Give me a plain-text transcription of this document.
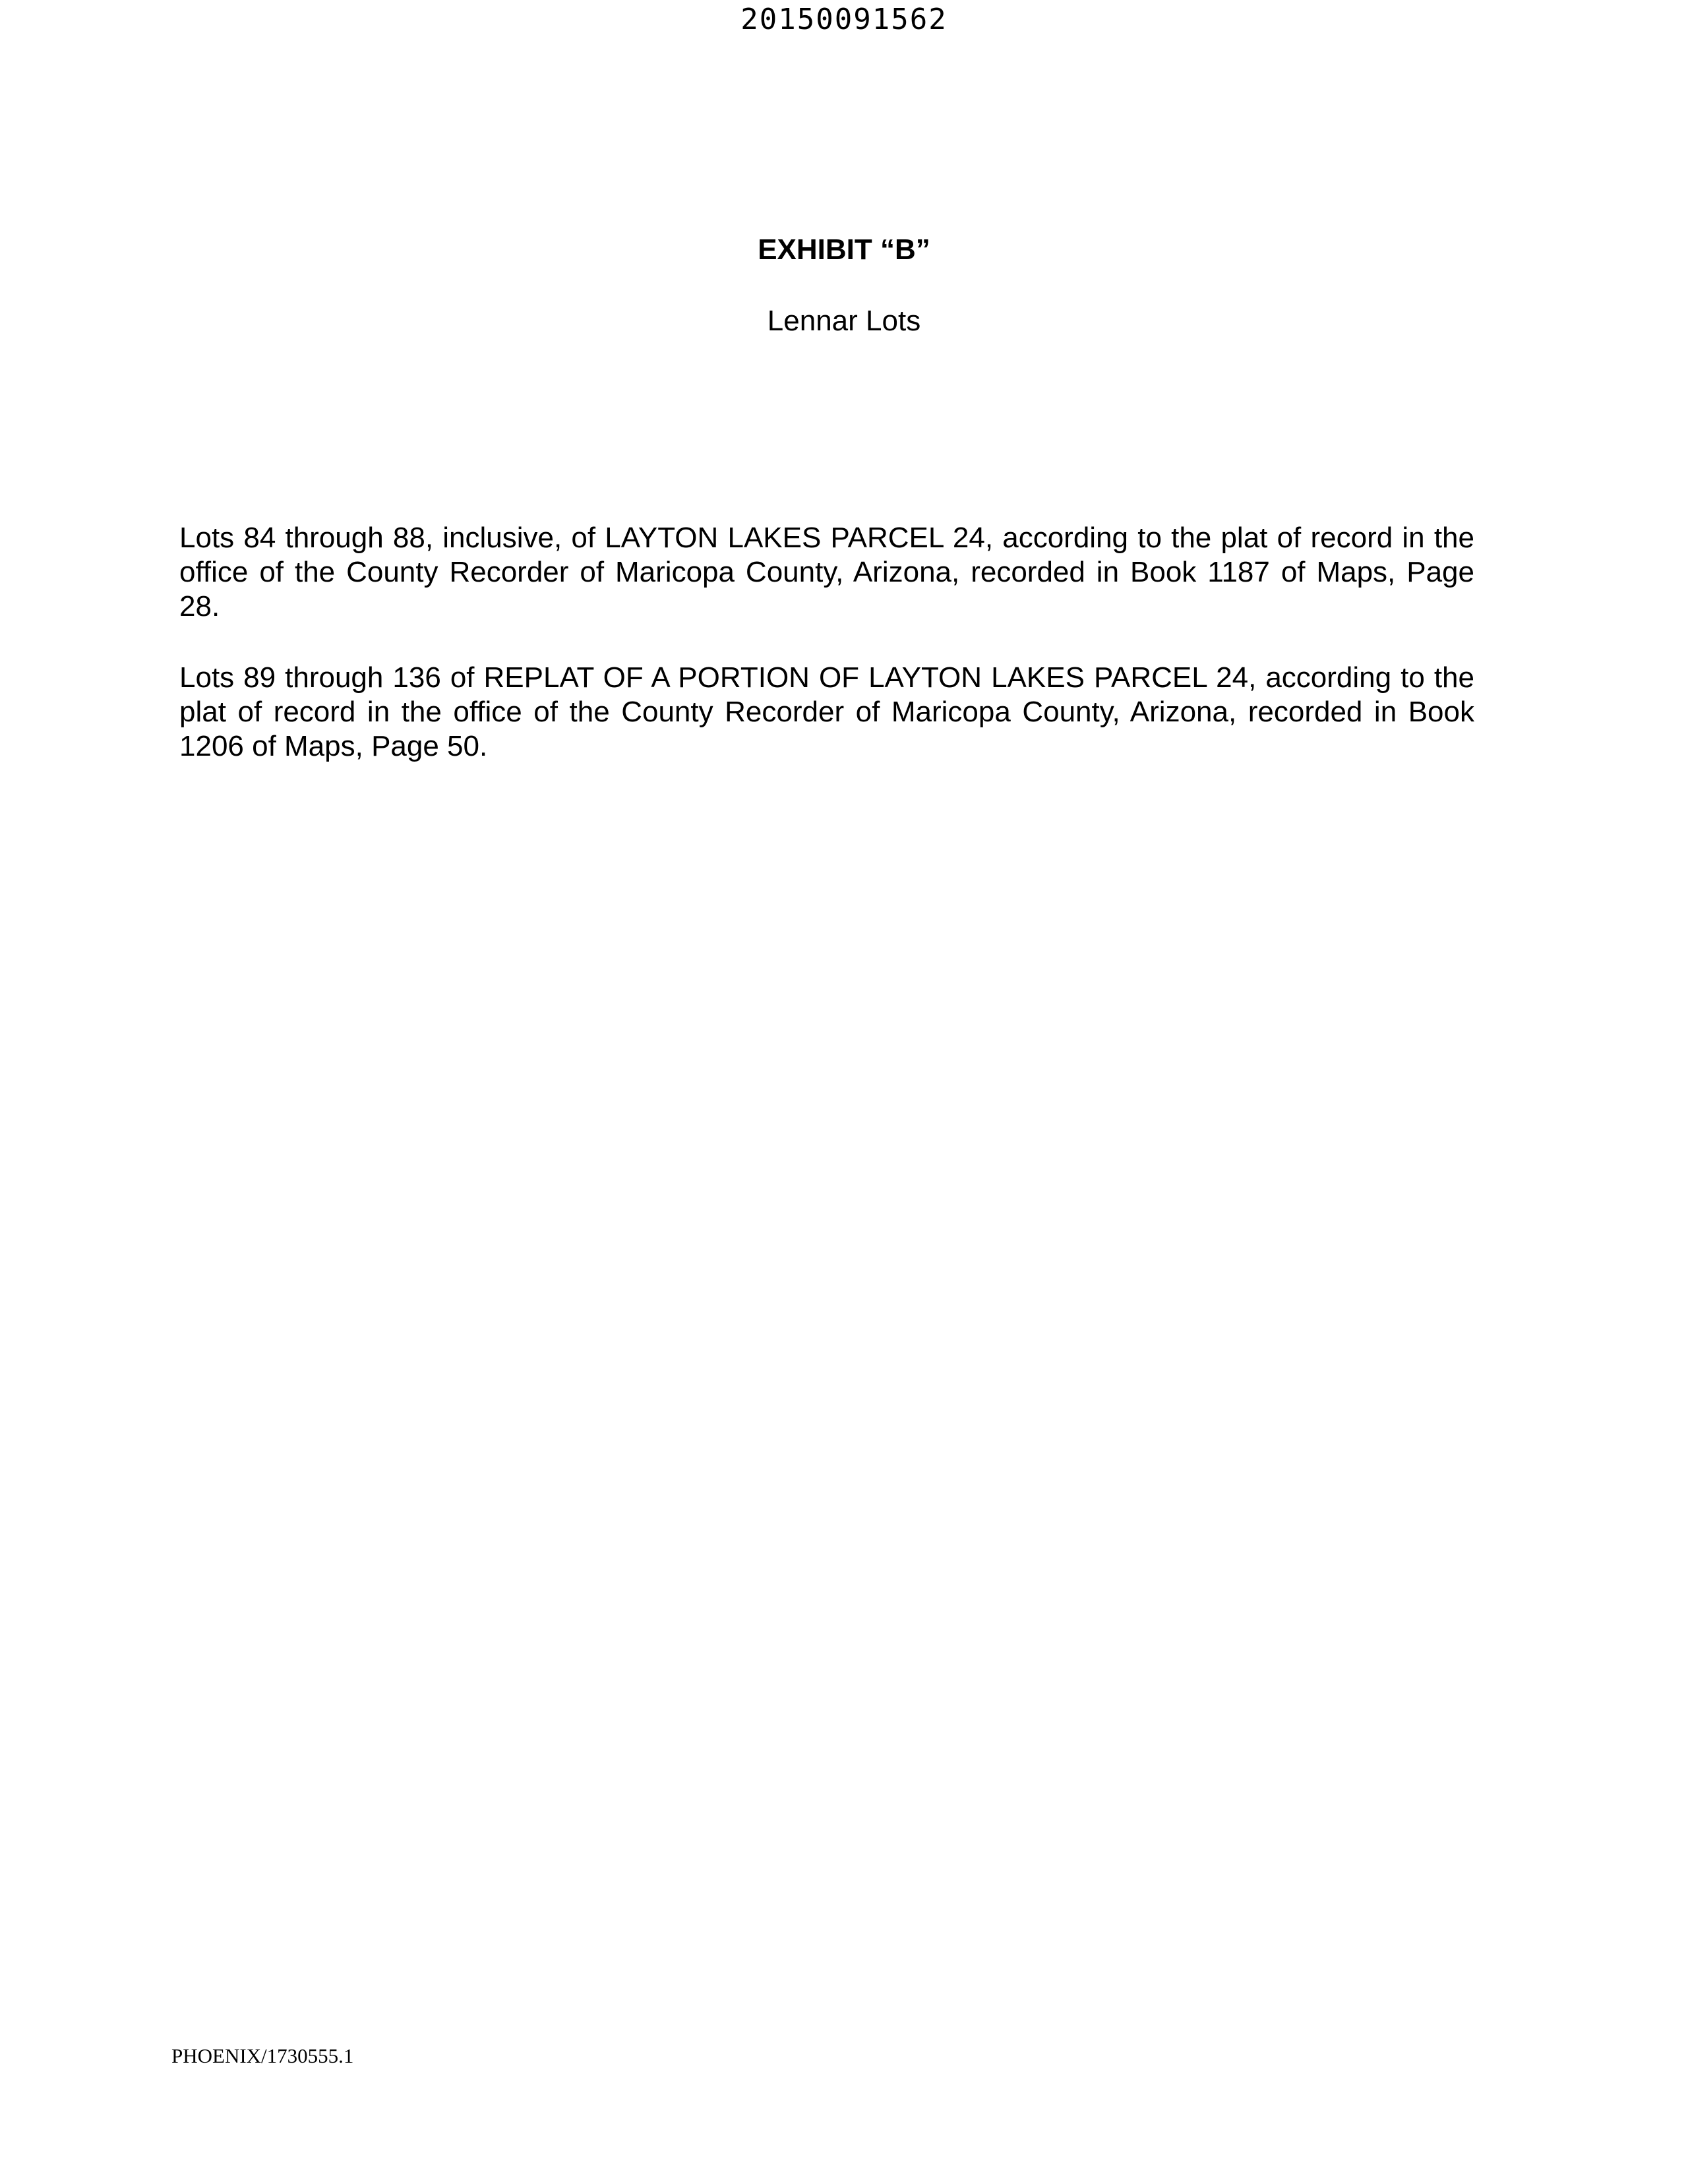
20150091562
EXHIBIT “B”
Lennar Lots

Lots 84 through 88, inclusive, of LAYTON LAKES PARCEL 24, according to the plat of record in the office of the County Recorder of Maricopa County, Arizona, recorded in Book 1187 of Maps, Page 28.

Lots 89 through 136 of REPLAT OF A PORTION OF LAYTON LAKES PARCEL 24, according to the plat of record in the office of the County Recorder of Maricopa County, Arizona, recorded in Book 1206 of Maps, Page 50.

PHOENIX/1730555.1
